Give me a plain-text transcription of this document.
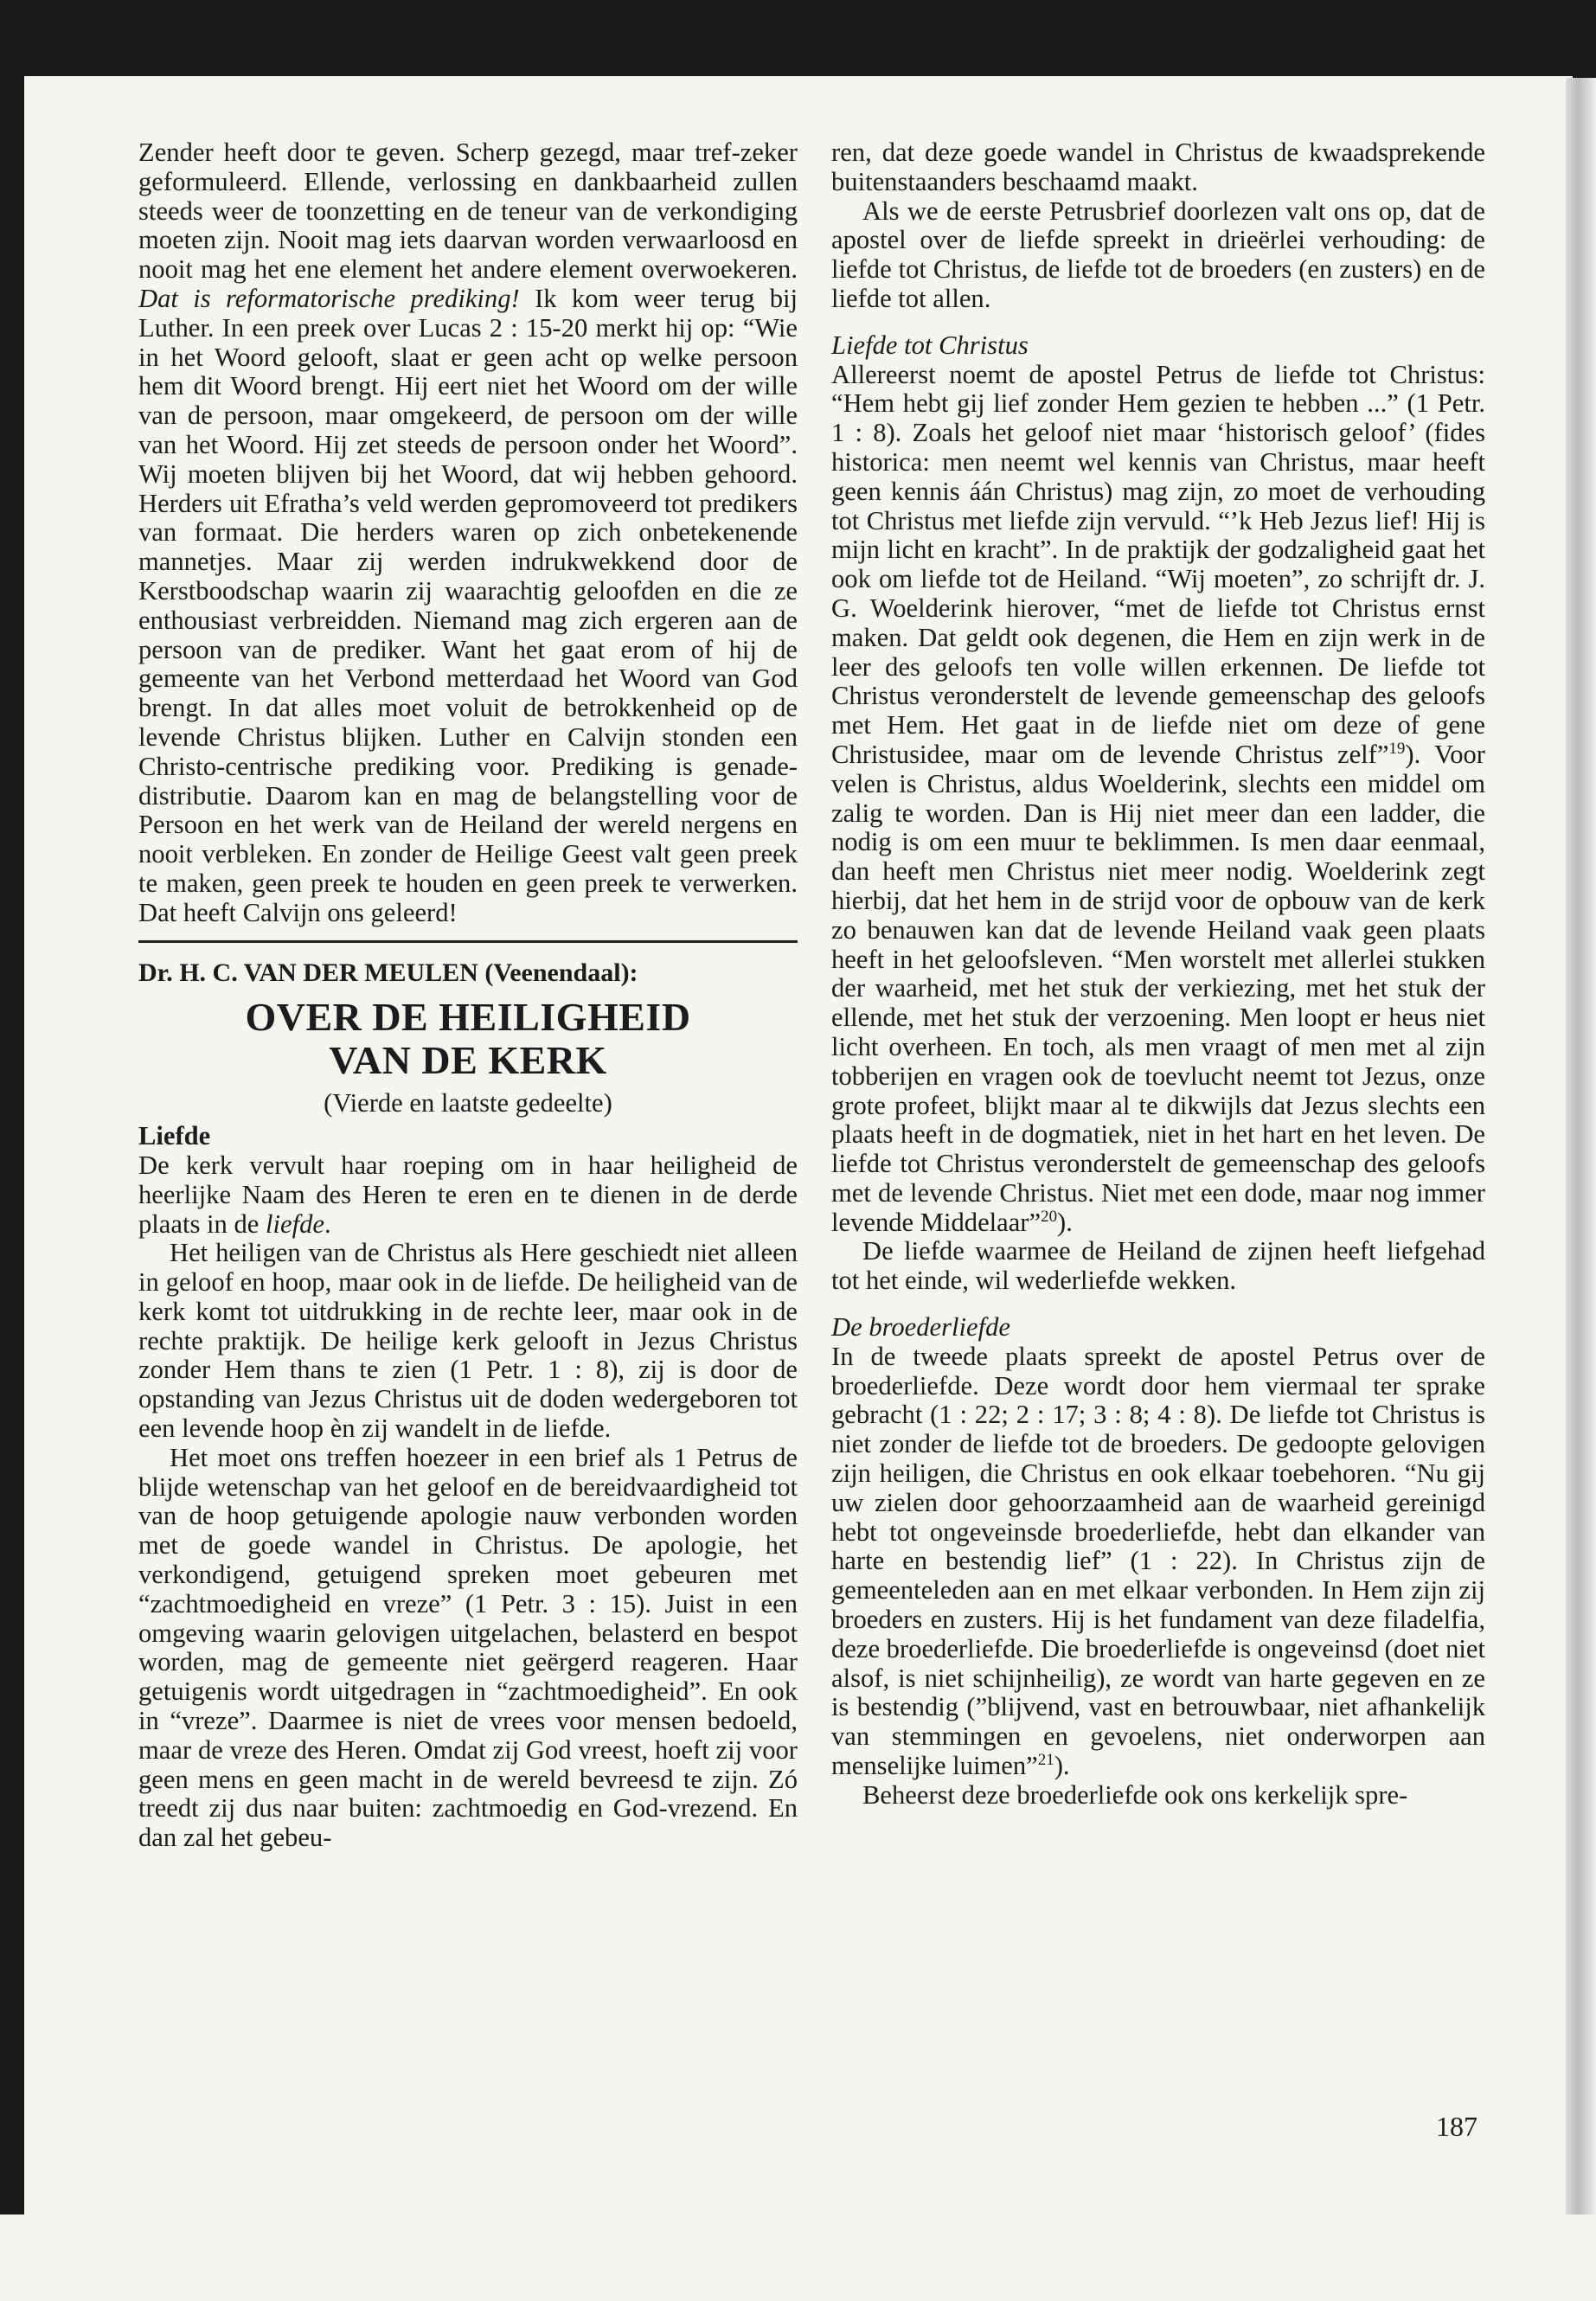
Zender heeft door te geven. Scherp gezegd, maar tref-zeker geformuleerd. Ellende, verlossing en dankbaarheid zullen steeds weer de toonzetting en de teneur van de verkondiging moeten zijn. Nooit mag iets daarvan worden verwaarloosd en nooit mag het ene element het andere element overwoekeren. Dat is reformatorische prediking! Ik kom weer terug bij Luther. In een preek over Lucas 2 : 15-20 merkt hij op: “Wie in het Woord gelooft, slaat er geen acht op welke persoon hem dit Woord brengt. Hij eert niet het Woord om der wille van de persoon, maar omgekeerd, de persoon om der wille van het Woord. Hij zet steeds de persoon onder het Woord”. Wij moeten blijven bij het Woord, dat wij hebben gehoord. Herders uit Efratha’s veld werden gepromoveerd tot predikers van formaat. Die herders waren op zich onbetekenende mannetjes. Maar zij werden indrukwekkend door de Kerstboodschap waarin zij waarachtig geloofden en die ze enthousiast verbreidden. Niemand mag zich ergeren aan de persoon van de prediker. Want het gaat erom of hij de gemeente van het Verbond metterdaad het Woord van God brengt. In dat alles moet voluit de betrokkenheid op de levende Christus blijken. Luther en Calvijn stonden een Christo-centrische prediking voor. Prediking is genade-distributie. Daarom kan en mag de belangstelling voor de Persoon en het werk van de Heiland der wereld nergens en nooit verbleken. En zonder de Heilige Geest valt geen preek te maken, geen preek te houden en geen preek te verwerken. Dat heeft Calvijn ons geleerd!

Dr. H. C. VAN DER MEULEN (Veenendaal):

OVER DE HEILIGHEID

VAN DE KERK

(Vierde en laatste gedeelte)

Liefde

De kerk vervult haar roeping om in haar heiligheid de heerlijke Naam des Heren te eren en te dienen in de derde plaats in de liefde.

Het heiligen van de Christus als Here geschiedt niet alleen in geloof en hoop, maar ook in de liefde. De heiligheid van de kerk komt tot uitdrukking in de rechte leer, maar ook in de rechte praktijk. De heilige kerk gelooft in Jezus Christus zonder Hem thans te zien (1 Petr. 1 : 8), zij is door de opstanding van Jezus Christus uit de doden wedergeboren tot een levende hoop èn zij wandelt in de liefde.

Het moet ons treffen hoezeer in een brief als 1 Petrus de blijde wetenschap van het geloof en de bereidvaardigheid tot van de hoop getuigende apologie nauw verbonden worden met de goede wandel in Christus. De apologie, het verkondigend, getuigend spreken moet gebeuren met “zachtmoedigheid en vreze” (1 Petr. 3 : 15). Juist in een omgeving waarin gelovigen uitgelachen, belasterd en bespot worden, mag de gemeente niet geërgerd reageren. Haar getuigenis wordt uitgedragen in “zachtmoedigheid”. En ook in “vreze”. Daarmee is niet de vrees voor mensen bedoeld, maar de vreze des Heren. Omdat zij God vreest, hoeft zij voor geen mens en geen macht in de wereld bevreesd te zijn. Zó treedt zij dus naar buiten: zachtmoedig en God-vrezend. En dan zal het gebeu-

ren, dat deze goede wandel in Christus de kwaadsprekende buitenstaanders beschaamd maakt.

Als we de eerste Petrusbrief doorlezen valt ons op, dat de apostel over de liefde spreekt in drieërlei verhouding: de liefde tot Christus, de liefde tot de broeders (en zusters) en de liefde tot allen.

Liefde tot Christus

Allereerst noemt de apostel Petrus de liefde tot Christus: “Hem hebt gij lief zonder Hem gezien te hebben ...” (1 Petr. 1 : 8). Zoals het geloof niet maar ‘historisch geloof’ (fides historica: men neemt wel kennis van Christus, maar heeft geen kennis áán Christus) mag zijn, zo moet de verhouding tot Christus met liefde zijn vervuld. “’k Heb Jezus lief! Hij is mijn licht en kracht”. In de praktijk der godzaligheid gaat het ook om liefde tot de Heiland. “Wij moeten”, zo schrijft dr. J. G. Woelderink hierover, “met de liefde tot Christus ernst maken. Dat geldt ook degenen, die Hem en zijn werk in de leer des geloofs ten volle willen erkennen. De liefde tot Christus veronderstelt de levende gemeenschap des geloofs met Hem. Het gaat in de liefde niet om deze of gene Christusidee, maar om de levende Christus zelf”$^{19}$). Voor velen is Christus, aldus Woelderink, slechts een middel om zalig te worden. Dan is Hij niet meer dan een ladder, die nodig is om een muur te beklimmen. Is men daar eenmaal, dan heeft men Christus niet meer nodig. Woelderink zegt hierbij, dat het hem in de strijd voor de opbouw van de kerk zo benauwen kan dat de levende Heiland vaak geen plaats heeft in het geloofsleven. “Men worstelt met allerlei stukken der waarheid, met het stuk der verkiezing, met het stuk der ellende, met het stuk der verzoening. Men loopt er heus niet licht overheen. En toch, als men vraagt of men met al zijn tobberijen en vragen ook de toevlucht neemt tot Jezus, onze grote profeet, blijkt maar al te dikwijls dat Jezus slechts een plaats heeft in de dogmatiek, niet in het hart en het leven. De liefde tot Christus veronderstelt de gemeenschap des geloofs met de levende Christus. Niet met een dode, maar nog immer levende Middelaar”$^{20}$).

De liefde waarmee de Heiland de zijnen heeft liefgehad tot het einde, wil wederliefde wekken.

De broederliefde

In de tweede plaats spreekt de apostel Petrus over de broederliefde. Deze wordt door hem viermaal ter sprake gebracht (1 : 22; 2 : 17; 3 : 8; 4 : 8). De liefde tot Christus is niet zonder de liefde tot de broeders. De gedoopte gelovigen zijn heiligen, die Christus en ook elkaar toebehoren. “Nu gij uw zielen door gehoorzaamheid aan de waarheid gereinigd hebt tot ongeveinsde broederliefde, hebt dan elkander van harte en bestendig lief” (1 : 22). In Christus zijn de gemeenteleden aan en met elkaar verbonden. In Hem zijn zij broeders en zusters. Hij is het fundament van deze filadelfia, deze broederliefde. Die broederliefde is ongeveinsd (doet niet alsof, is niet schijnheilig), ze wordt van harte gegeven en ze is bestendig (”blijvend, vast en betrouwbaar, niet afhankelijk van stemmingen en gevoelens, niet onderworpen aan menselijke luimen”$^{21}$).

Beheerst deze broederliefde ook ons kerkelijk spre-

187
